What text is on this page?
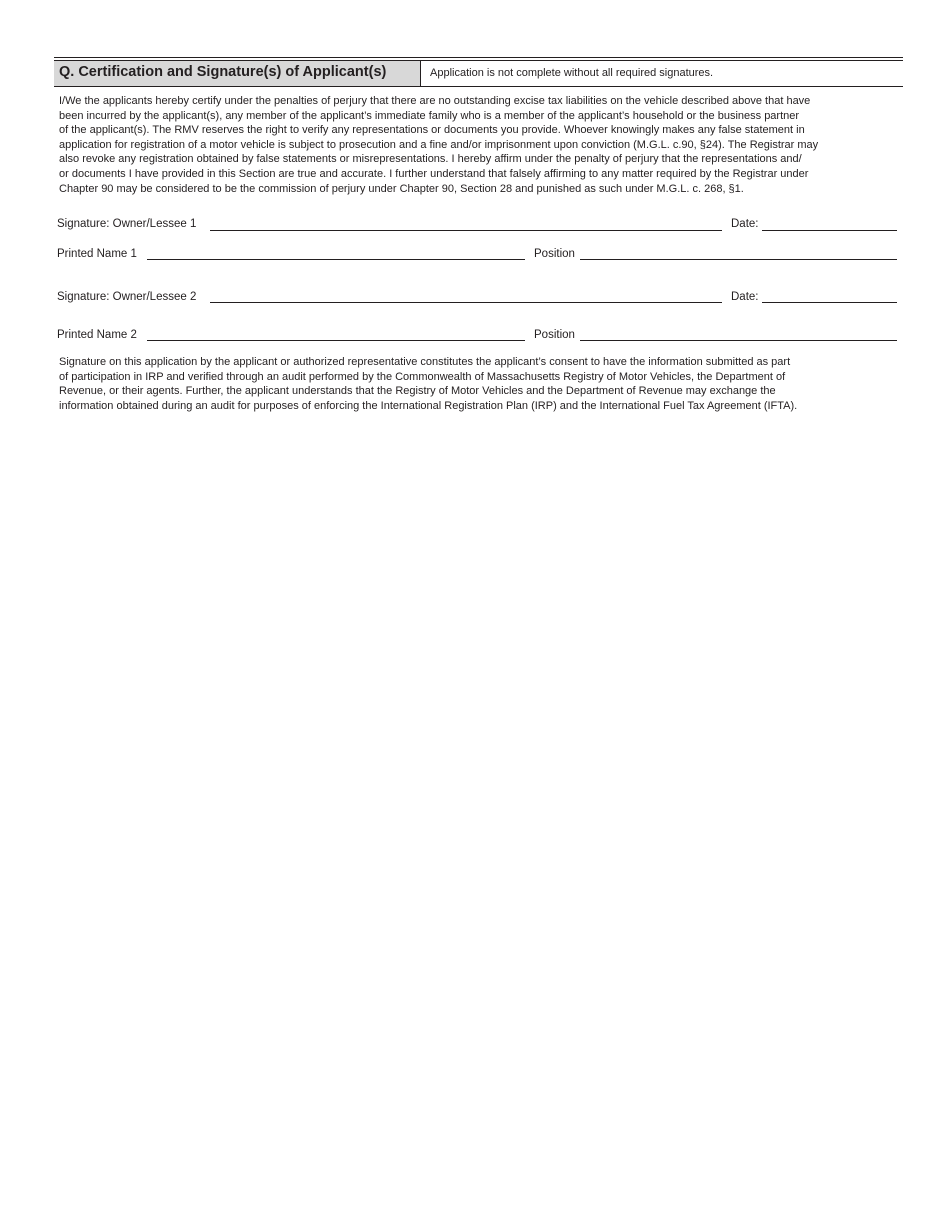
Q. Certification and Signature(s) of Applicant(s)	Application is not complete without all required signatures.

I/We the applicants hereby certify under the penalties of perjury that there are no outstanding excise tax liabilities on the vehicle described above that have
been incurred by the applicant(s), any member of the applicant’s immediate family who is a member of the applicant’s household or the business partner
of the applicant(s). The RMV reserves the right to verify any representations or documents you provide. Whoever knowingly makes any false statement in
application for registration of a motor vehicle is subject to prosecution and a fine and/or imprisonment upon conviction (M.G.L. c.90, §24). The Registrar may
also revoke any registration obtained by false statements or misrepresentations. I hereby affirm under the penalty of perjury that the representations and/
or documents I have provided in this Section are true and accurate. I further understand that falsely affirming to any matter required by the Registrar under
Chapter 90 may be considered to be the commission of perjury under Chapter 90, Section 28 and punished as such under M.G.L. c. 268, §1.

Signature: Owner/Lessee 1	Date:
Printed Name 1	Position
Signature: Owner/Lessee 2	Date:
Printed Name 2	Position

Signature on this application by the applicant or authorized representative constitutes the applicant’s consent to have the information submitted as part
of participation in IRP and verified through an audit performed by the Commonwealth of Massachusetts Registry of Motor Vehicles, the Department of
Revenue, or their agents. Further, the applicant understands that the Registry of Motor Vehicles and the Department of Revenue may exchange the
information obtained during an audit for purposes of enforcing the International Registration Plan (IRP) and the International Fuel Tax Agreement (IFTA).
